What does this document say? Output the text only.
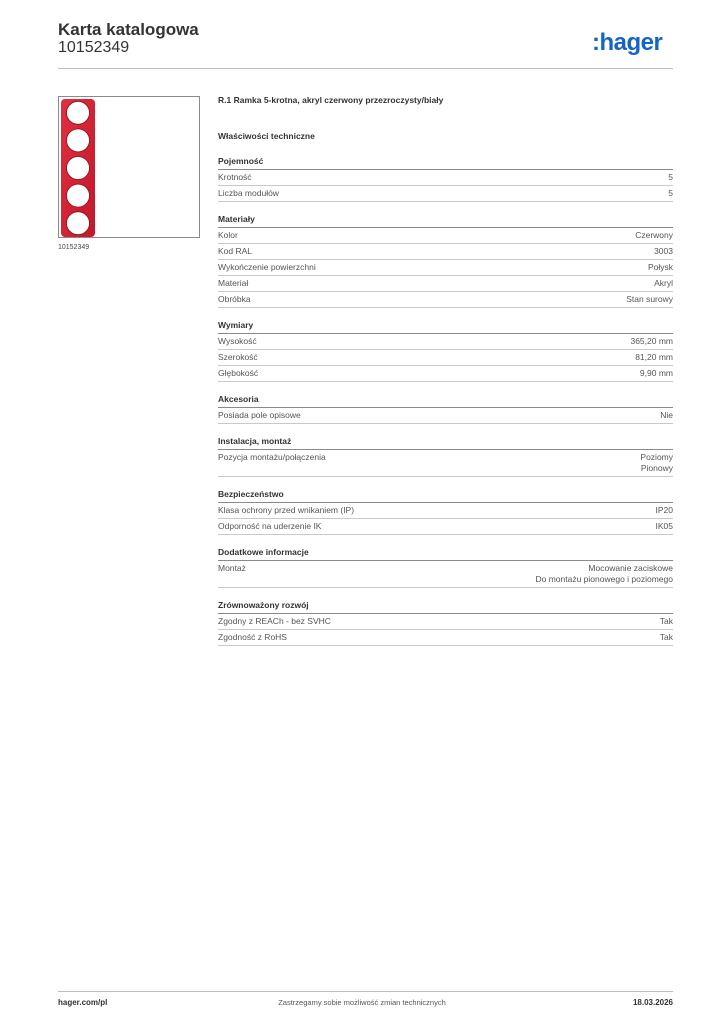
Karta katalogowa
10152349	:hager
10152349
R.1 Ramka 5-krotna, akryl czerwony przezroczysty/biały
Właściwości techniczne
Pojemność
Krotność	5
Liczba modułów	5
Materiały
Kolor	Czerwony
Kod RAL	3003
Wykończenie powierzchni	Połysk
Materiał	Akryl
Obróbka	Stan surowy
Wymiary
Wysokość	365,20 mm
Szerokość	81,20 mm
Głębokość	9,90 mm
Akcesoria
Posiada pole opisowe	Nie
Instalacja, montaż
Pozycja montażu/połączenia	Poziomy
Pionowy
Bezpieczeństwo
Klasa ochrony przed wnikaniem (IP)	IP20
Odporność na uderzenie IK	IK05
Dodatkowe informacje
Montaż	Mocowanie zaciskowe
Do montażu pionowego i poziomego
Zrównoważony rozwój
Zgodny z REACh - bez SVHC	Tak
Zgodność z RoHS	Tak
hager.com/pl	Zastrzegamy sobie możliwość zmian technicznych	18.03.2026
